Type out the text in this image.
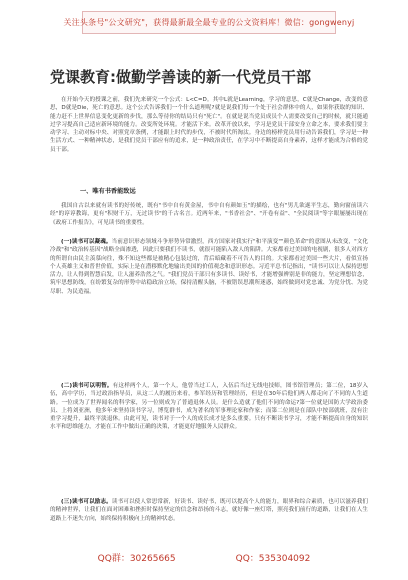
关注头条号"公文研究"，获得最新最全最专业的公文资料库！微信：gongwenyj
党课教育:做勤学善读的新一代党员干部

在开始今天的授课之前，我们先来研究一个公式：L<C=D。其中L就是Learning，学习的意思，C就是Change，改变的意思，D就是Die，死亡的意思。这个公式告诉我们一个什么道理呢?就是说我们每一个处于社会群体中的人，如果你获取的知识、能力赶不上世界信息变化更新的步伐，那么等待你的结局只有"死亡"。在就是说当党员成员个人需要改变自己的时候，就只能通过学习提高自己适应新环境的能力。改变所处环境。才能活下来。改革开放以来，学习是党员干部安身立命之本，要求我们要主动学习、主动对标中央、对照党章条例，才能跟上时代的步伐，不被时代所淘汰。身边的榜样党员用行动告诉我们，学习是一种生活方式、一种精神状态，是我们党员干部应有的追求，是一种政治责任，在学习中不断提高自身素养，这样才能成为合格的党员干部。

一、唯有书香能致远

我国自古以来就有读书的好传统，既有"书中自有黄金屋，书中自有颜如玉"的描绘，也有"男儿欲遂平生志，勤向窗前读六经"的谆谆教诲，更有"积财千万，无过读书"的千古名言。近两年来，"书香社会"、"开卷有益"、"全民阅读"等字眼屡屡出现在《政府工作报告》，可见读书的重要性。

(一)读书可以凝魂。当前意识形态领域斗争形势异常激烈，西方国家对我实行"和平演变""颜色革命"的意图从未改变，"文化冷战"和"政治转基因"战略全面渗透，因此只要我们不读书，就很可能陷入敌人的陷阱。大家都看过美国的电视剧，很多人对西方的所谓自由民主羡慕向往，殊不知这些都是被精心包装过的，背后暗藏着不可告人的目的。大家都看过美国一些大片，看似宣扬个人英雄主义和普世价值，实际上是在潜移默化地输出美国的价值观念和意识形态。习近平总书记指出，"读书可以让人保持思想活力，让人得到智慧启发，让人滋养浩然之气。"我们党员干部只有多读书、读好书，才能增强辨别是非的能力，坚定理想信念，筑牢思想防线，在纷繁复杂的形势中站稳政治立场，保持清醒头脑，不被错误思潮所迷惑，始终做到对党忠诚、为党分忧、为党尽职、为民造福。

(二)读书可以明智。有这样两个人，第一个人，他曾当过工人，入伍后当过无线电技师，图书馆管理员；第二位，18岁入伍，高中学历，当过政治指导员，从这二人的履历来看，参军经历和管理经历，但是在30年后他们两人都走向了不同的人生道路。一位成为了世界闻名的科学家，另一位则成为了普通退休人员。是什么造就了他们不同的命运?第一位就是国防大学政治委员、上将刘亚洲，他多年来坚持读书学习，博览群书，成为著名的军事理论家和作家；而第二位则是在部队中按部就班，没有注重学习提升，最终平淡退休。由此可见，读书对于一个人的成长成才是多么重要。只有不断读书学习，才能不断提高自身的知识水平和思维能力，才能在工作中做出正确的决策，才能更好地服务人民群众。

(三)读书可以励志。读书可以使人常思常新，好读书、读好书，既可以提高个人的能力，眼界和综合素质，也可以滋养我们的精神世界，让我们在面对困难和挫折时保持坚定的信念和昂扬的斗志，就好像一座灯塔，照亮我们前行的道路，让我们在人生道路上不迷失方向，始终保持积极向上的精神状态。

QQ群：30265665	QQ：535304092
